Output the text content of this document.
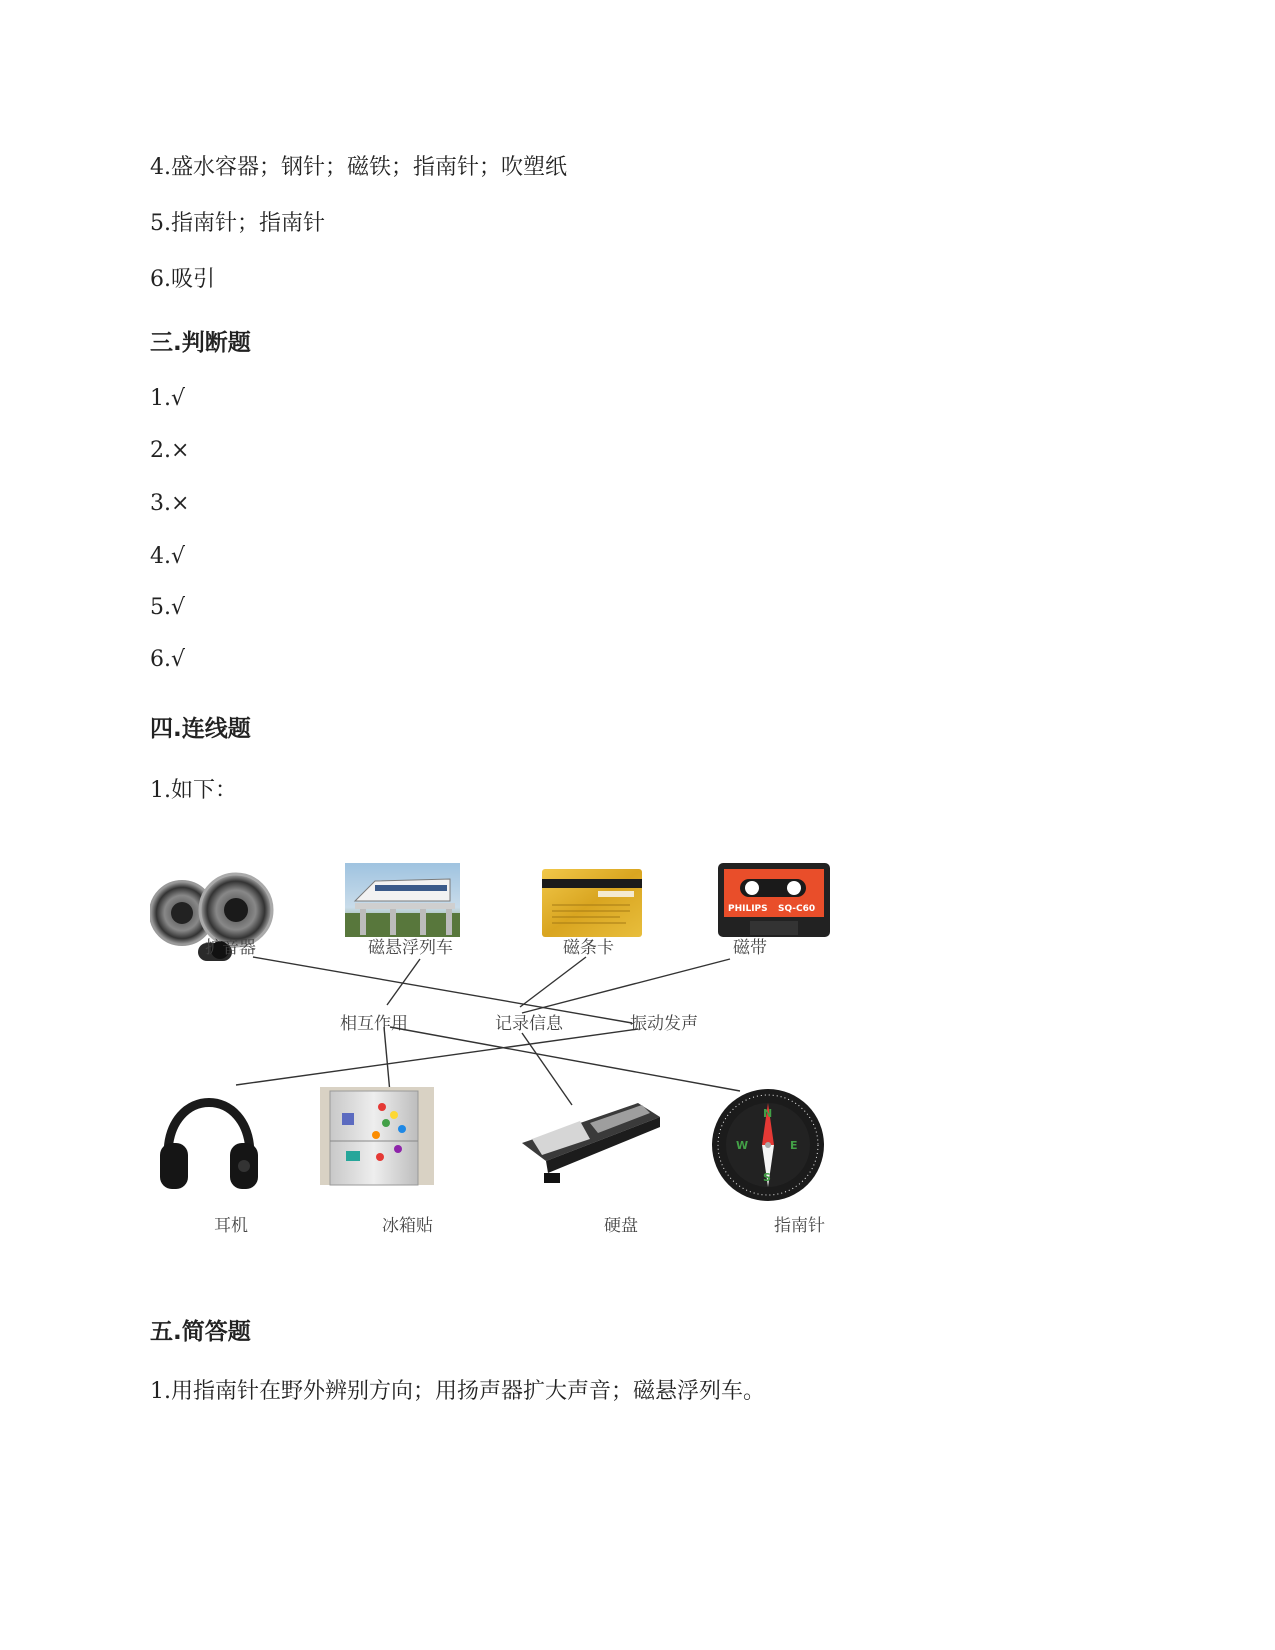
4.盛水容器；钢针；磁铁；指南针；吹塑纸
5.指南针；指南针
6.吸引
三.判断题
1.√
2.×
3.×
4.√
5.√
6.√
四.连线题
1.如下：
PHILIPS SQ-C60
扩音器	磁悬浮列车	磁条卡	磁带
相互作用	记录信息	振动发声
N
E
S
W
耳机	冰箱贴	硬盘	指南针
五.简答题
1.用指南针在野外辨别方向；用扬声器扩大声音；磁悬浮列车。
